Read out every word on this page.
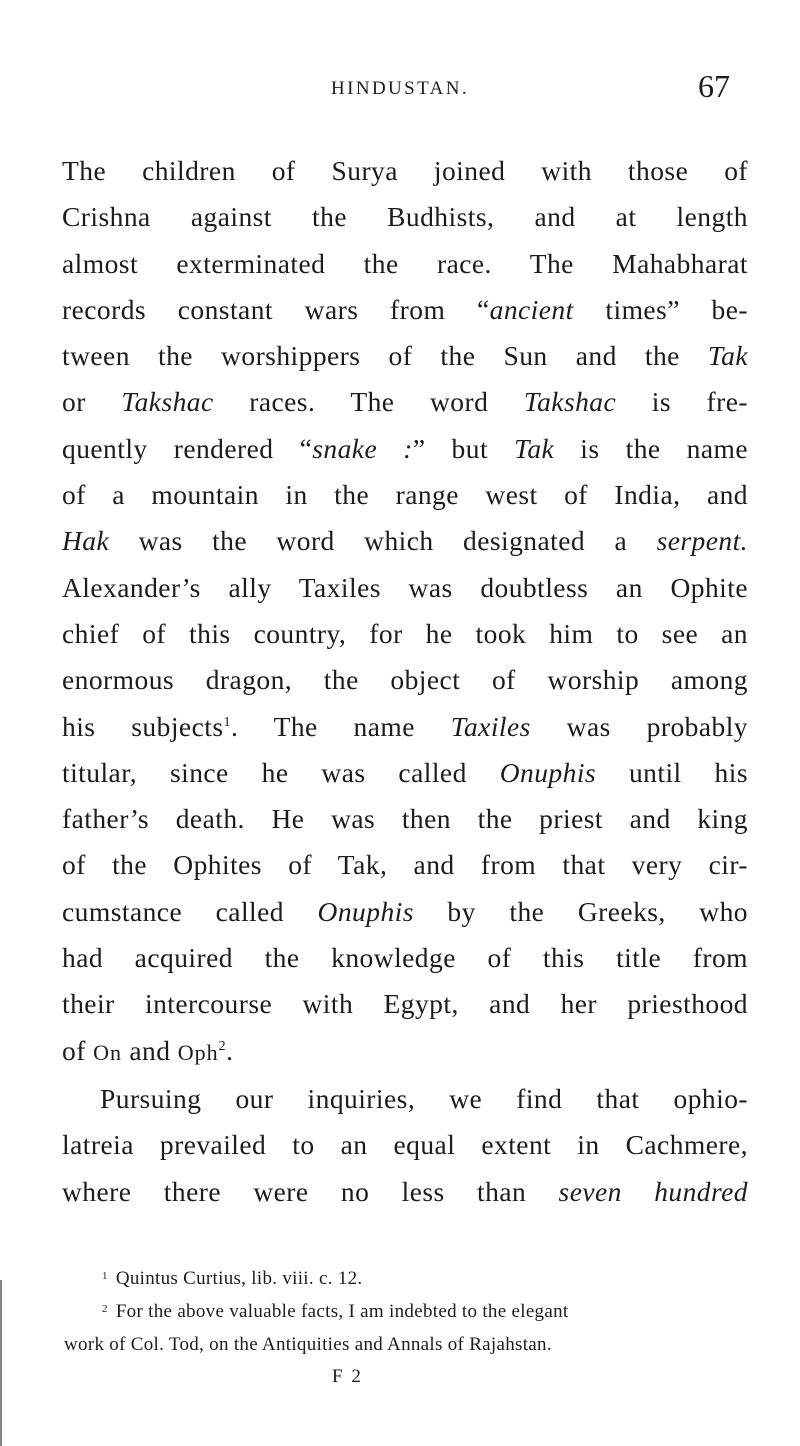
HINDUSTAN.	67
The children of Surya joined with those of
Crishna against the Budhists, and at length
almost exterminated the race. The Mahabharat
records constant wars from “ancient times” be-
tween the worshippers of the Sun and the Tak
or Takshac races. The word Takshac is fre-
quently rendered “snake :” but Tak is the name
of a mountain in the range west of India, and
Hak was the word which designated a serpent.
Alexander’s ally Taxiles was doubtless an Ophite
chief of this country, for he took him to see an
enormous dragon, the object of worship among
his subjects$^1$. The name Taxiles was probably
titular, since he was called Onuphis until his
father’s death. He was then the priest and king
of the Ophites of Tak, and from that very cir-
cumstance called Onuphis by the Greeks, who
had acquired the knowledge of this title from
their intercourse with Egypt, and her priesthood
of On and Oph$^2$.
Pursuing our inquiries, we find that ophio-
latreia prevailed to an equal extent in Cachmere,
where there were no less than seven hundred
$^1$ Quintus Curtius, lib. viii. c. 12.
$^2$ For the above valuable facts, I am indebted to the elegant
work of Col. Tod, on the Antiquities and Annals of Rajahstan.
F 2
